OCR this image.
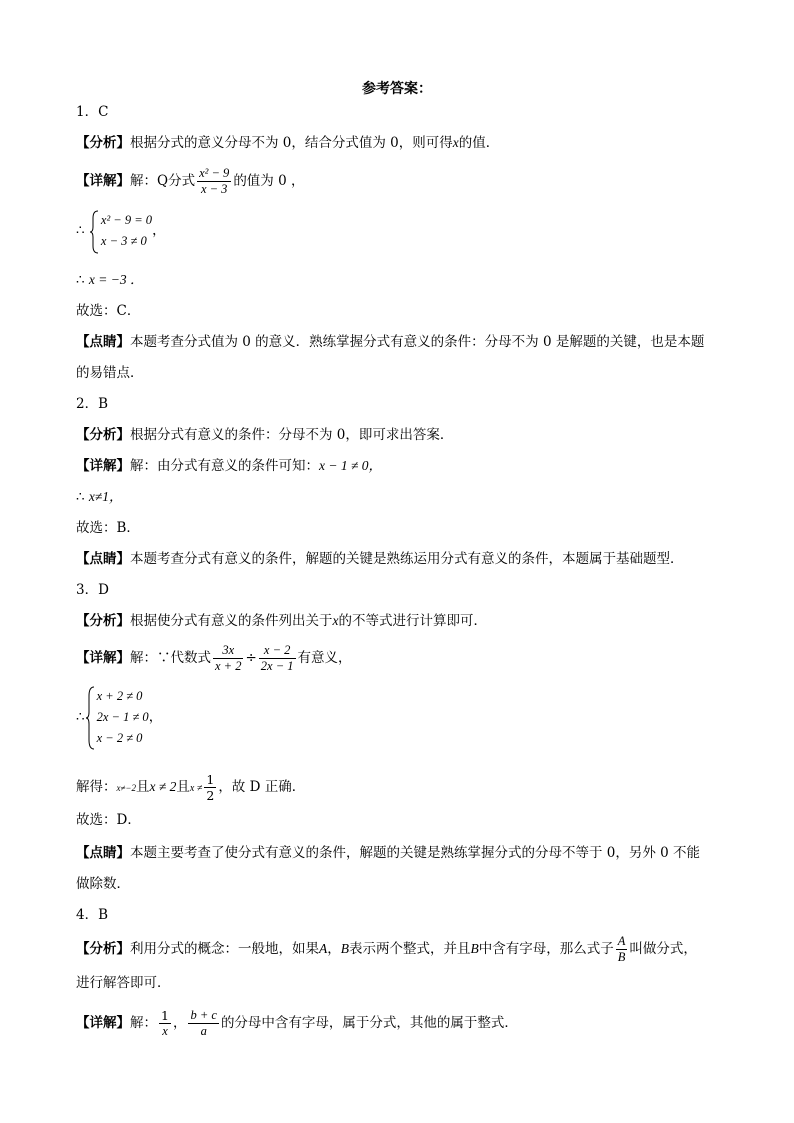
参考答案：
1．C
【分析】根据分式的意义分母不为 0，结合分式值为 0，则可得x的值．
【详解】解：Q分式 $\frac{\text{x² − 9}}{x - 3}$ 的值为 0 ，
∴
x² − 9 = 0
x − 3 ≠ 0
，
∴ x = −3 ．
故选：C．
【点睛】本题考查分式值为 0 的意义．熟练掌握分式有意义的条件：分母不为 0 是解题的关键，也是本题
的易错点．
2．B
【分析】根据分式有意义的条件：分母不为 0，即可求出答案．
【详解】解：由分式有意义的条件可知：x − 1 ≠ 0，
∴ x≠1，
故选：B．
【点睛】本题考查分式有意义的条件，解题的关键是熟练运用分式有意义的条件，本题属于基础题型．
3．D
【分析】根据使分式有意义的条件列出关于x的不等式进行计算即可．
【详解】解：∵代数式 $\frac{3x}{x + 2} \div \frac{x - 2}{2x - 1}$ 有意义，
∴
x + 2 ≠ 0
2x − 1 ≠ 0
x − 2 ≠ 0
，
解得：x≠−2且x ≠ 2且$x \ne \frac{1}{2}$ ，故 D 正确．
故选：D．
【点睛】本题主要考查了使分式有意义的条件，解题的关键是熟练掌握分式的分母不等于 0，另外 0 不能
做除数．
4．B
【分析】利用分式的概念：一般地，如果A，B表示两个整式，并且B中含有字母，那么式子 $\frac{A}{B}$ 叫做分式，
进行解答即可．
【详解】解： $\frac{1}{x}$ ， $\frac{b + c}{a}$ 的分母中含有字母，属于分式，其他的属于整式．
